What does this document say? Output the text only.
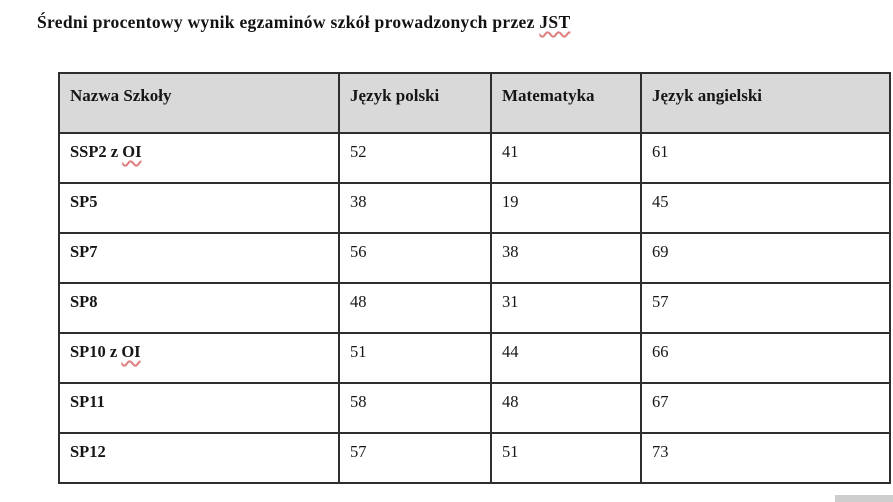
Średni procentowy wynik egzaminów szkół prowadzonych przez JST
Nazwa Szkoły	Język polski	Matematyka	Język angielski
SSP2 z OI	52	41	61
SP5	38	19	45
SP7	56	38	69
SP8	48	31	57
SP10 z OI	51	44	66
SP11	58	48	67
SP12	57	51	73
